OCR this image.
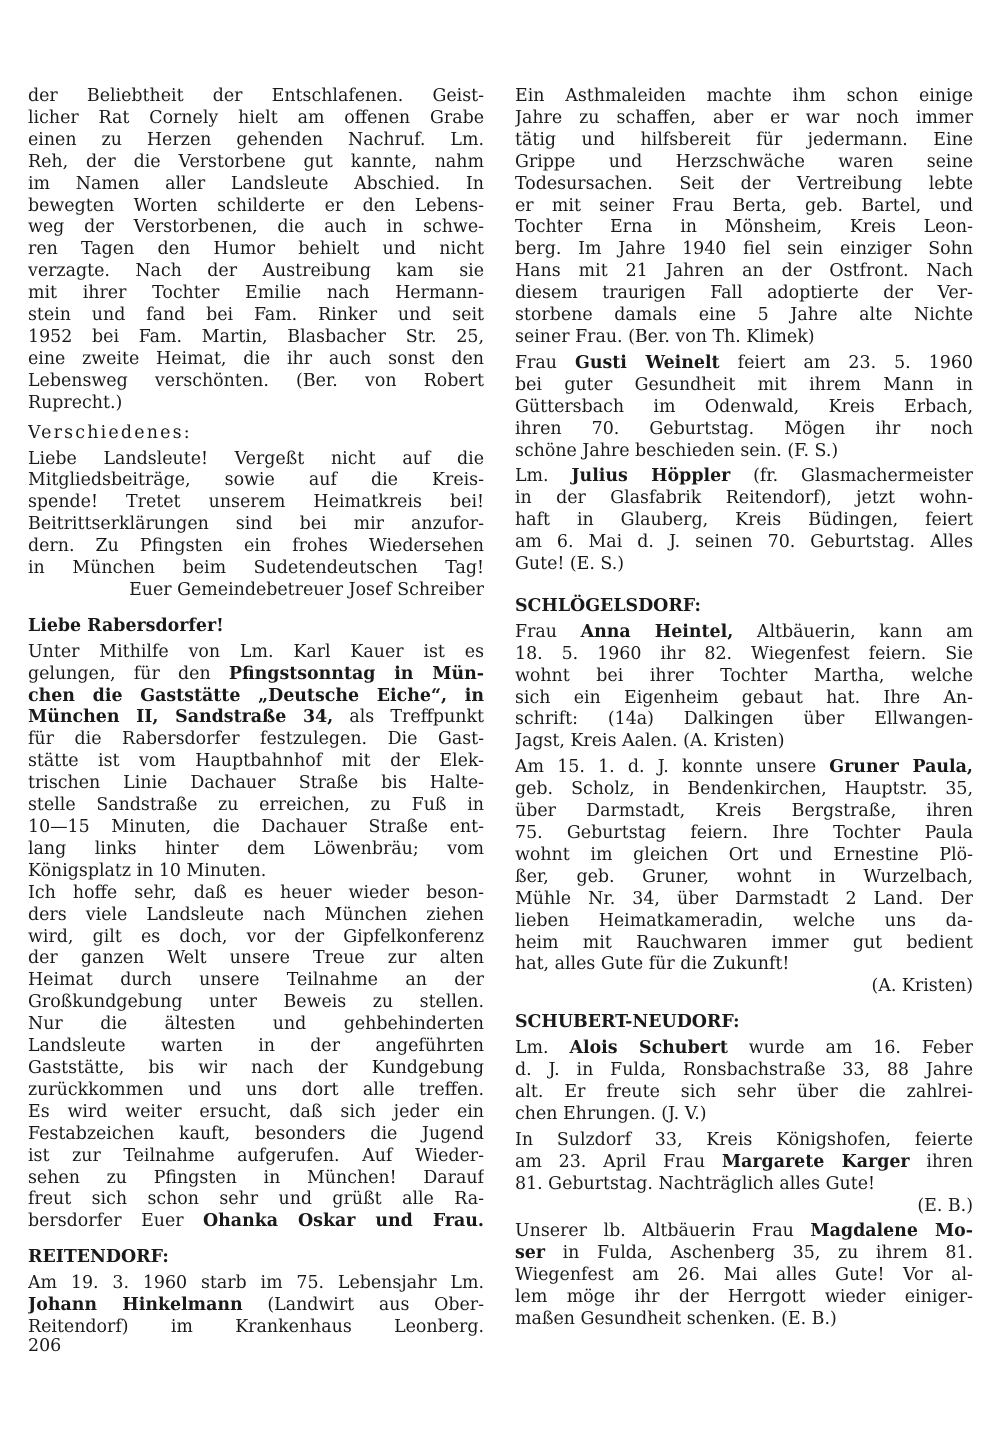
der Beliebtheit der Entschlafenen. Geist-
licher Rat Cornely hielt am offenen Grabe
einen zu Herzen gehenden Nachruf. Lm.
Reh, der die Verstorbene gut kannte, nahm
im Namen aller Landsleute Abschied. In
bewegten Worten schilderte er den Lebens-
weg der Verstorbenen, die auch in schwe-
ren Tagen den Humor behielt und nicht
verzagte. Nach der Austreibung kam sie
mit ihrer Tochter Emilie nach Hermann-
stein und fand bei Fam. Rinker und seit
1952 bei Fam. Martin, Blasbacher Str. 25,
eine zweite Heimat, die ihr auch sonst den
Lebensweg verschönten. (Ber. von Robert
Ruprecht.)
Verschiedenes:
Liebe Landsleute! Vergeßt nicht auf die
Mitgliedsbeiträge, sowie auf die Kreis-
spende! Tretet unserem Heimatkreis bei!
Beitrittserklärungen sind bei mir anzufor-
dern. Zu Pfingsten ein frohes Wiedersehen
in München beim Sudetendeutschen Tag!
Euer Gemeindebetreuer Josef Schreiber
Liebe Rabersdorfer!
Unter Mithilfe von Lm. Karl Kauer ist es
gelungen, für den Pfingstsonntag in Mün-
chen die Gaststätte „Deutsche Eiche“, in
München II, Sandstraße 34, als Treffpunkt
für die Rabersdorfer festzulegen. Die Gast-
stätte ist vom Hauptbahnhof mit der Elek-
trischen Linie Dachauer Straße bis Halte-
stelle Sandstraße zu erreichen, zu Fuß in
10—15 Minuten, die Dachauer Straße ent-
lang links hinter dem Löwenbräu; vom
Königsplatz in 10 Minuten.
Ich hoffe sehr, daß es heuer wieder beson-
ders viele Landsleute nach München ziehen
wird, gilt es doch, vor der Gipfelkonferenz
der ganzen Welt unsere Treue zur alten
Heimat durch unsere Teilnahme an der
Großkundgebung unter Beweis zu stellen.
Nur die ältesten und gehbehinderten
Landsleute warten in der angeführten
Gaststätte, bis wir nach der Kundgebung
zurückkommen und uns dort alle treffen.
Es wird weiter ersucht, daß sich jeder ein
Festabzeichen kauft, besonders die Jugend
ist zur Teilnahme aufgerufen. Auf Wieder-
sehen zu Pfingsten in München! Darauf
freut sich schon sehr und grüßt alle Ra-
bersdorfer Euer Ohanka Oskar und Frau.
REITENDORF:
Am 19. 3. 1960 starb im 75. Lebensjahr Lm.
Johann Hinkelmann (Landwirt aus Ober-
Reitendorf) im Krankenhaus Leonberg.
Ein Asthmaleiden machte ihm schon einige
Jahre zu schaffen, aber er war noch immer
tätig und hilfsbereit für jedermann. Eine
Grippe und Herzschwäche waren seine
Todesursachen. Seit der Vertreibung lebte
er mit seiner Frau Berta, geb. Bartel, und
Tochter Erna in Mönsheim, Kreis Leon-
berg. Im Jahre 1940 fiel sein einziger Sohn
Hans mit 21 Jahren an der Ostfront. Nach
diesem traurigen Fall adoptierte der Ver-
storbene damals eine 5 Jahre alte Nichte
seiner Frau. (Ber. von Th. Klimek)
Frau Gusti Weinelt feiert am 23. 5. 1960
bei guter Gesundheit mit ihrem Mann in
Güttersbach im Odenwald, Kreis Erbach,
ihren 70. Geburtstag. Mögen ihr noch
schöne Jahre beschieden sein. (F. S.)
Lm. Julius Höppler (fr. Glasmachermeister
in der Glasfabrik Reitendorf), jetzt wohn-
haft in Glauberg, Kreis Büdingen, feiert
am 6. Mai d. J. seinen 70. Geburtstag. Alles
Gute! (E. S.)
SCHLÖGELSDORF:
Frau Anna Heintel, Altbäuerin, kann am
18. 5. 1960 ihr 82. Wiegenfest feiern. Sie
wohnt bei ihrer Tochter Martha, welche
sich ein Eigenheim gebaut hat. Ihre An-
schrift: (14a) Dalkingen über Ellwangen-
Jagst, Kreis Aalen. (A. Kristen)
Am 15. 1. d. J. konnte unsere Gruner Paula,
geb. Scholz, in Bendenkirchen, Hauptstr. 35,
über Darmstadt, Kreis Bergstraße, ihren
75. Geburtstag feiern. Ihre Tochter Paula
wohnt im gleichen Ort und Ernestine Plö-
ßer, geb. Gruner, wohnt in Wurzelbach,
Mühle Nr. 34, über Darmstadt 2 Land. Der
lieben Heimatkameradin, welche uns da-
heim mit Rauchwaren immer gut bedient
hat, alles Gute für die Zukunft!
(A. Kristen)
SCHUBERT-NEUDORF:
Lm. Alois Schubert wurde am 16. Feber
d. J. in Fulda, Ronsbachstraße 33, 88 Jahre
alt. Er freute sich sehr über die zahlrei-
chen Ehrungen. (J. V.)
In Sulzdorf 33, Kreis Königshofen, feierte
am 23. April Frau Margarete Karger ihren
81. Geburtstag. Nachträglich alles Gute!
(E. B.)
Unserer lb. Altbäuerin Frau Magdalene Mo-
ser in Fulda, Aschenberg 35, zu ihrem 81.
Wiegenfest am 26. Mai alles Gute! Vor al-
lem möge ihr der Herrgott wieder einiger-
maßen Gesundheit schenken. (E. B.)
206
